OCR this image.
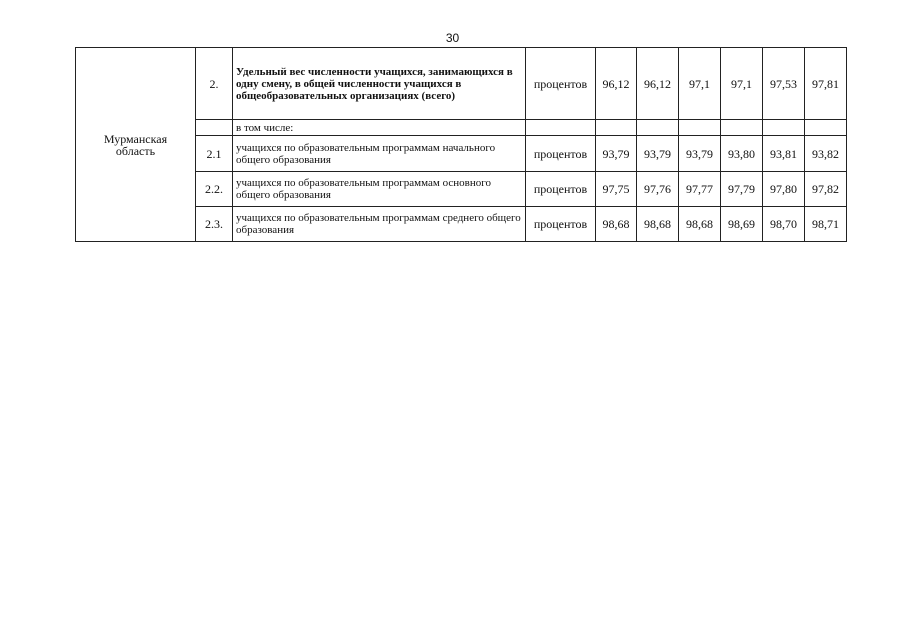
30
Мурманская
область	2.	Удельный вес численности учащихся, занимающихся в одну смену, в общей численности учащихся в общеобразовательных организациях (всего)	процентов	96,12	96,12	97,1	97,1	97,53	97,81
		в том числе:							
	2.1	учащихся по образовательным программам начального общего образования	процентов	93,79	93,79	93,79	93,80	93,81	93,82
	2.2.	учащихся по образовательным программам основного общего образования	процентов	97,75	97,76	97,77	97,79	97,80	97,82
	2.3.	учащихся по образовательным программам среднего общего образования	процентов	98,68	98,68	98,68	98,69	98,70	98,71
